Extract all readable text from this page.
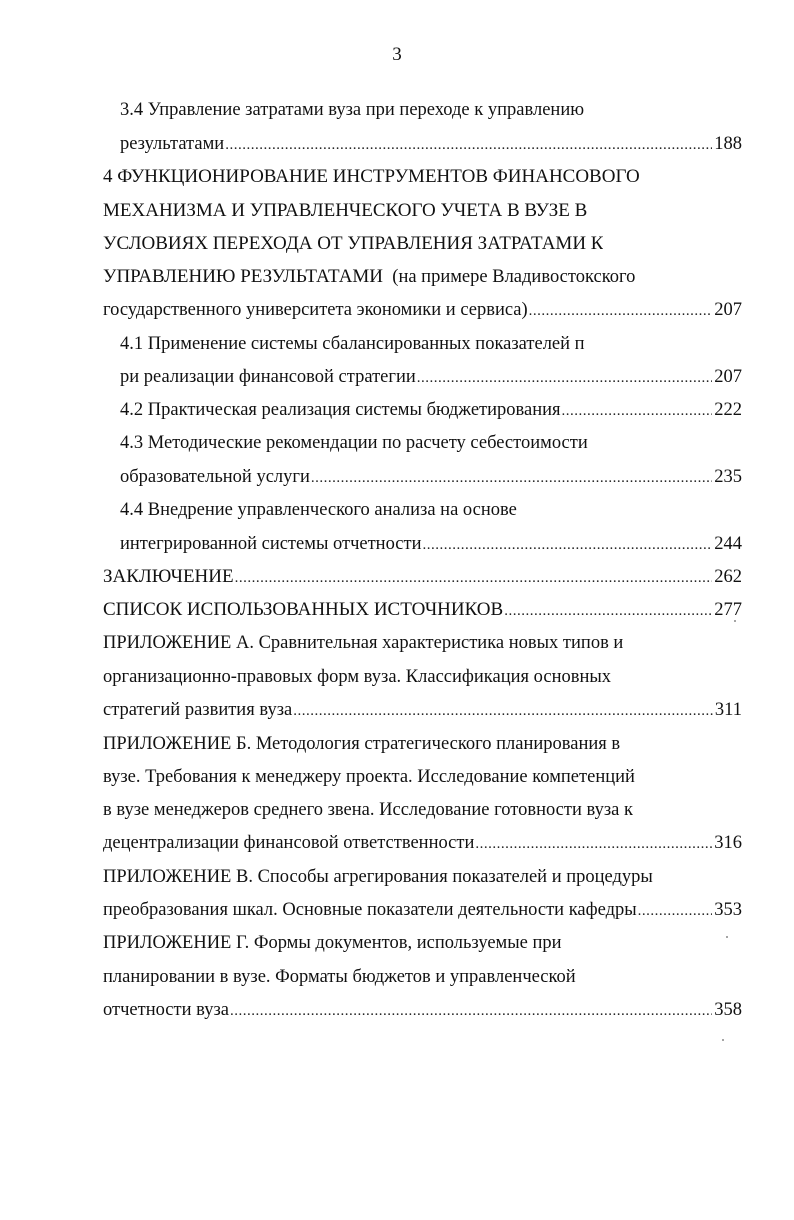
3
3.4 Управление затратами вуза при переходе к управлению
результатами .....	188
4 ФУНКЦИОНИРОВАНИЕ ИНСТРУМЕНТОВ ФИНАНСОВОГО
МЕХАНИЗМА И УПРАВЛЕНЧЕСКОГО УЧЕТА В ВУЗЕ В
УСЛОВИЯХ ПЕРЕХОДА ОТ УПРАВЛЕНИЯ ЗАТРАТАМИ К
УПРАВЛЕНИЮ РЕЗУЛЬТАТАМИ  (на примере Владивостокского
государственного университета экономики и сервиса) .....	207
4.1 Применение системы сбалансированных показателей п
ри реализации финансовой стратегии .....	207
4.2 Практическая реализация системы бюджетирования .....	222
4.3 Методические рекомендации по расчету себестоимости
образовательной услуги .....	235
4.4 Внедрение управленческого анализа на основе
интегрированной системы отчетности .....	244
ЗАКЛЮЧЕНИЕ .....	262
СПИСОК ИСПОЛЬЗОВАННЫХ ИСТОЧНИКОВ .....	277
ПРИЛОЖЕНИЕ А. Сравнительная характеристика новых типов и
организационно-правовых форм вуза. Классификация основных
стратегий развития вуза .....	311
ПРИЛОЖЕНИЕ Б. Методология стратегического планирования в
вузе. Требования к менеджеру проекта. Исследование компетенций
в вузе менеджеров среднего звена. Исследование готовности вуза к
децентрализации финансовой ответственности .....	316
ПРИЛОЖЕНИЕ В. Способы агрегирования показателей и процедуры
преобразования шкал. Основные показатели деятельности кафедры .....	353
ПРИЛОЖЕНИЕ Г. Формы документов, используемые при
планировании в вузе. Форматы бюджетов и управленческой
отчетности вуза .....	358
